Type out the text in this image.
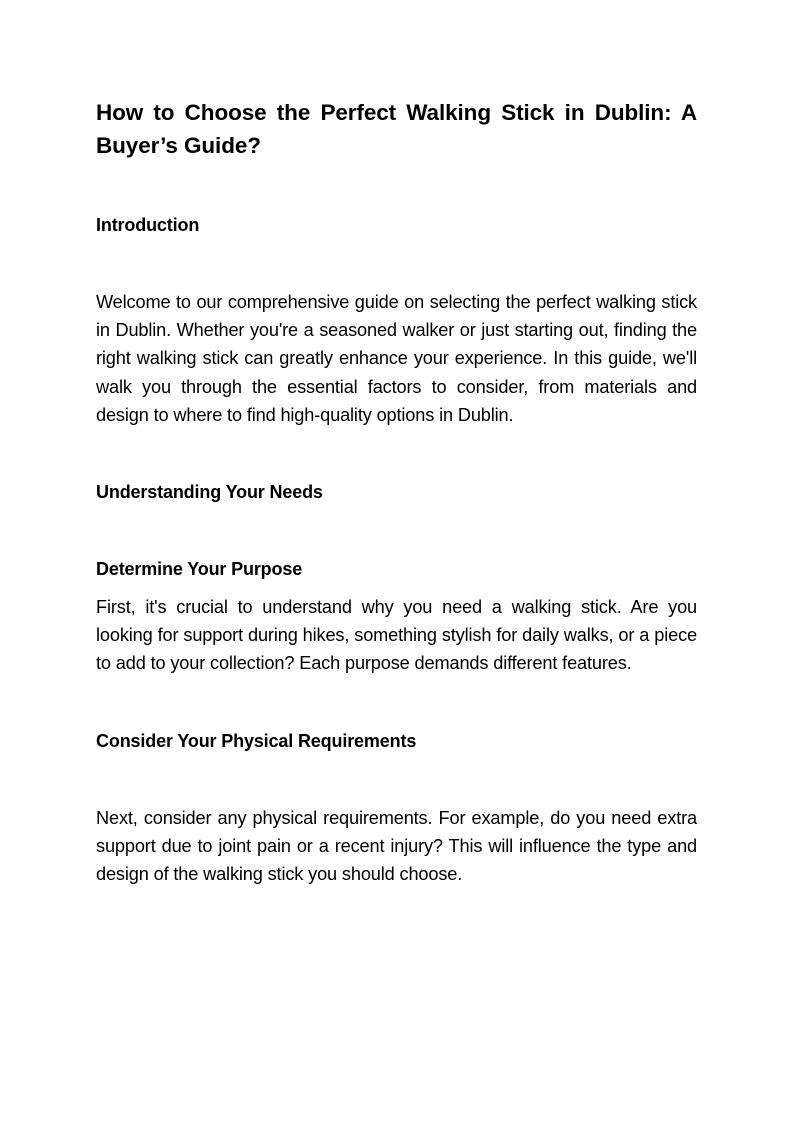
How to Choose the Perfect Walking Stick in Dublin: A Buyer’s Guide?
Introduction

Welcome to our comprehensive guide on selecting the perfect walking stick in Dublin. Whether you're a seasoned walker or just starting out, finding the right walking stick can greatly enhance your experience. In this guide, we'll walk you through the essential factors to consider, from materials and design to where to find high-quality options in Dublin.

Understanding Your Needs
Determine Your Purpose

First, it's crucial to understand why you need a walking stick. Are you looking for support during hikes, something stylish for daily walks, or a piece to add to your collection? Each purpose demands different features.

Consider Your Physical Requirements

Next, consider any physical requirements. For example, do you need extra support due to joint pain or a recent injury? This will influence the type and design of the walking stick you should choose.
